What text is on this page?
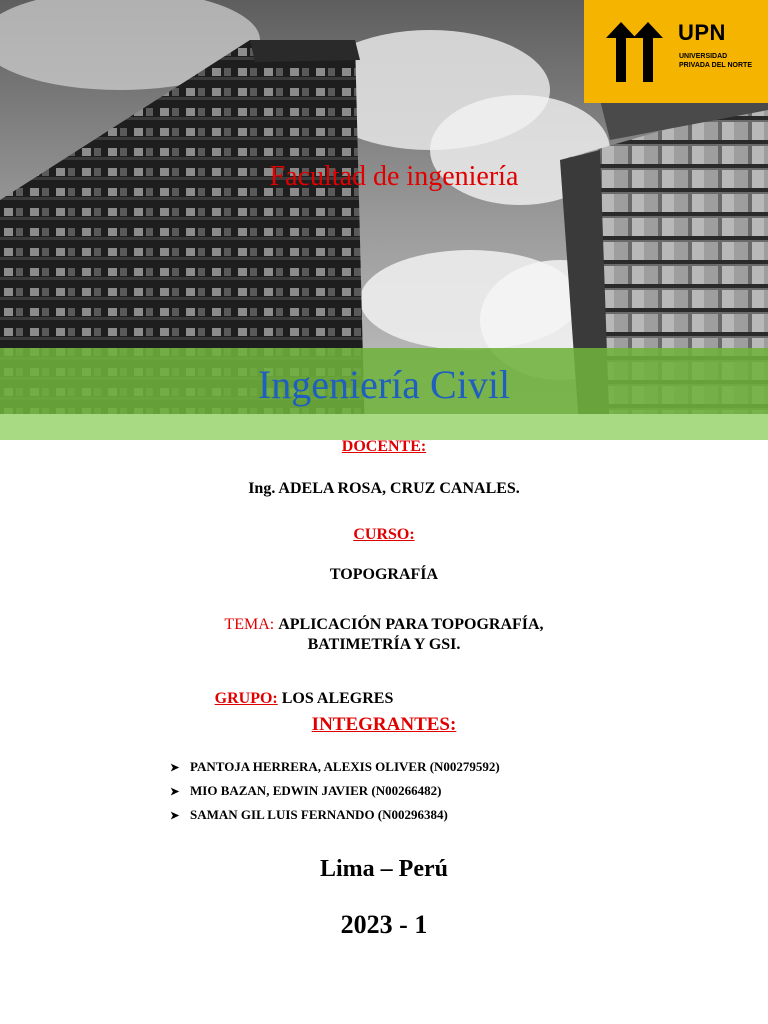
UPN
UNIVERSIDAD PRIVADA DEL NORTE
Facultad de ingeniería
Ingeniería Civil
DOCENTE:
Ing. ADELA ROSA, CRUZ CANALES.
CURSO:
TOPOGRAFÍA
TEMA: APLICACIÓN PARA TOPOGRAFÍA,
BATIMETRÍA Y GSI.
GRUPO: LOS ALEGRES
INTEGRANTES:
➤ PANTOJA HERRERA, ALEXIS OLIVER (N00279592)
➤ MIO BAZAN, EDWIN JAVIER (N00266482)
➤ SAMAN GIL LUIS FERNANDO (N00296384)
Lima – Perú
2023 - 1
